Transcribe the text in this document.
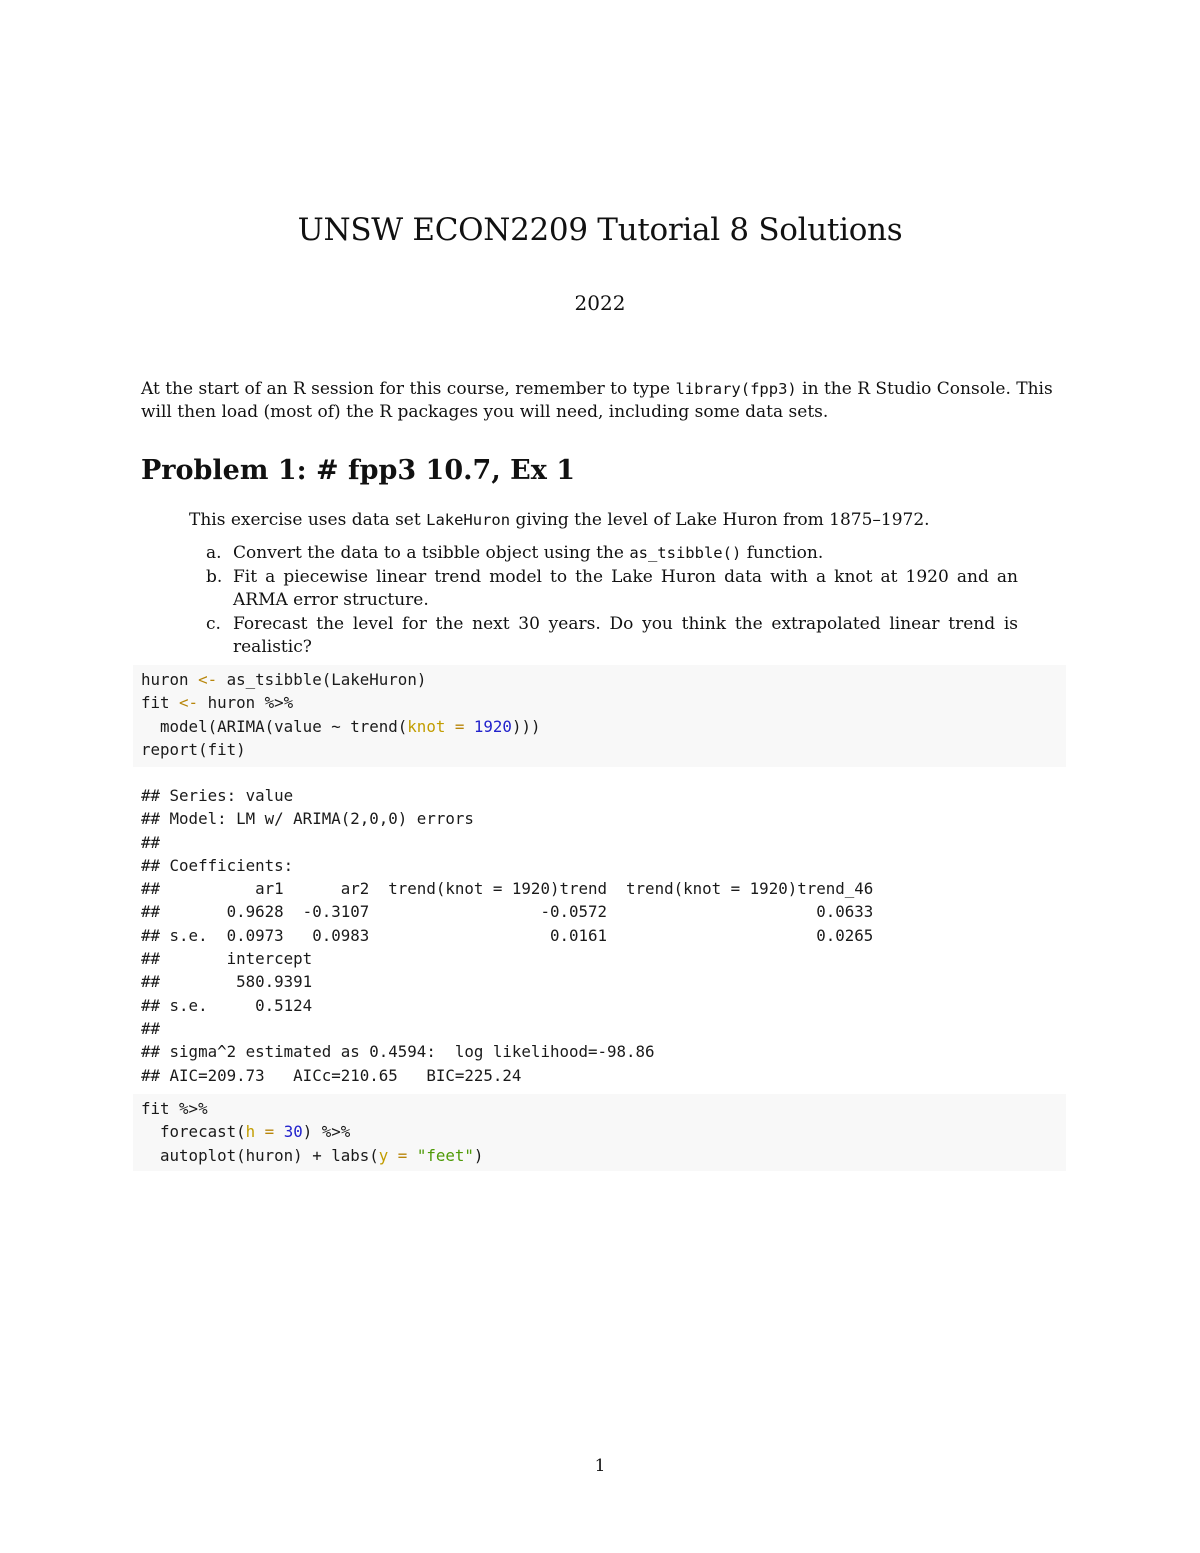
UNSW ECON2209 Tutorial 8 Solutions
2022
At the start of an R session for this course, remember to type library(fpp3) in the R Studio Console. This will then load (most of) the R packages you will need, including some data sets.
Problem 1: # fpp3 10.7, Ex 1
This exercise uses data set LakeHuron giving the level of Lake Huron from 1875–1972.
a. Convert the data to a tsibble object using the as_tsibble() function.
b. Fit a piecewise linear trend model to the Lake Huron data with a knot at 1920 and an ARMA error structure.
c. Forecast the level for the next 30 years. Do you think the extrapolated linear trend is realistic?
huron <- as_tsibble(LakeHuron)
fit <- huron %>%
model(ARIMA(value ~ trend(knot = 1920)))
report(fit)
## Series: value
## Model: LM w/ ARIMA(2,0,0) errors
##
## Coefficients:
##          ar1      ar2  trend(knot = 1920)trend  trend(knot = 1920)trend_46
##       0.9628  -0.3107                  -0.0572                      0.0633
## s.e.  0.0973   0.0983                   0.0161                      0.0265
##       intercept
##        580.9391
## s.e.     0.5124
##
## sigma^2 estimated as 0.4594:  log likelihood=-98.86
## AIC=209.73   AICc=210.65   BIC=225.24
fit %>%
forecast(h = 30) %>%
autoplot(huron) + labs(y = "feet")
1
